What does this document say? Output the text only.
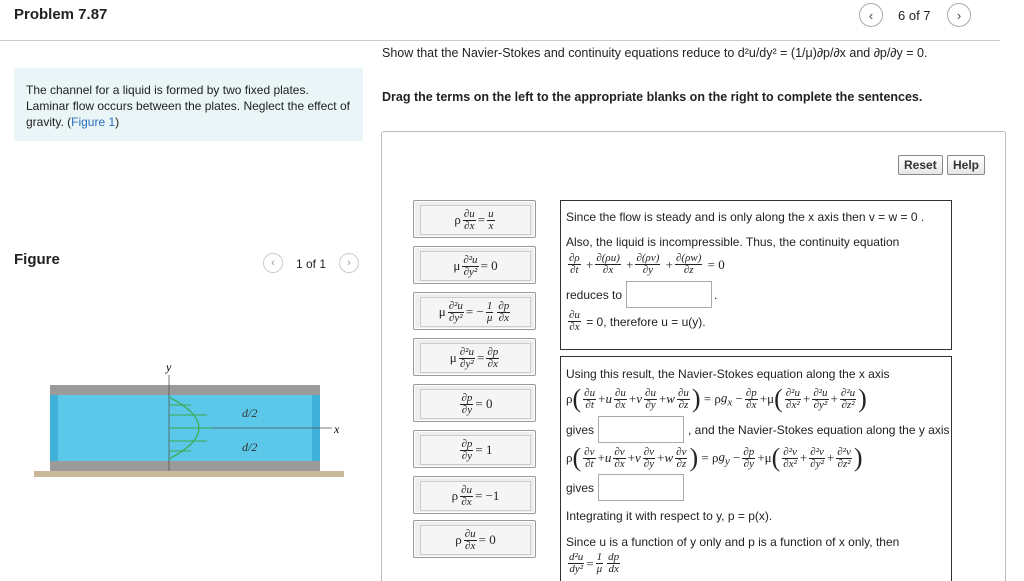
Problem 7.87	‹ 6 of 7 ›
The channel for a liquid is formed by two fixed plates. Laminar flow occurs between the plates. Neglect the effect of gravity. (Figure 1)
Figure	‹ 1 of 1 ›
y
x
d/2
d/2
Show that the Navier-Stokes and continuity equations reduce to d²u/dy² = (1/μ)∂p/∂x and ∂p/∂y = 0.
Drag the terms on the left to the appropriate blanks on the right to complete the sentences.
Reset	Help
ρ $\frac{\partial u}{\partial x} = \frac{u}{x}$
μ $\frac{\text{∂²u}}{\text{∂y²}} = 0$
μ $\frac{\text{∂²u}}{\text{∂y²}}$ = − $\frac{1}{\mu} \frac{\partial p}{\partial x}$
μ $\frac{\text{∂²u}}{\text{∂y²}} = \frac{\partial p}{\partial x}$
$\frac{\partial p}{\partial y} = 0$
$\frac{\partial p}{\partial y} = 1$
ρ $\frac{\partial u}{\partial x} = -1$
ρ $\frac{\partial u}{\partial x} = 0$
Since the flow is steady and is only along the x axis then v = w = 0 .
Also, the liquid is incompressible. Thus, the continuity equation
$\frac{\partial\rho}{\partial t} + \frac{\partial(\rho u)}{\partial x} + \frac{\partial(\rho v)}{\partial y} + \frac{\partial(\rho w)}{\partial z} = 0$
reduces to	.
$\frac{\partial u}{\partial x}$
= 0, therefore u = u(y).
Using this result, the Navier-Stokes equation along the x axis
ρ ( $\frac{\partial u}{\partial t} + u \frac{\partial u}{\partial x} + v \frac{\partial u}{\partial y} + w \frac{\partial u}{\partial z}$ ) = ρ $g_x - \frac{\partial p}{\partial x} +\mu$ ( $\frac{\text{∂²u}}{\text{∂x²}} + \frac{\text{∂²u}}{\text{∂y²}} + \frac{\text{∂²u}}{\text{∂z²}}$ )
gives	, and the Navier-Stokes equation along the y axis
ρ ( $\frac{\partial v}{\partial t} + u \frac{\partial v}{\partial x} + v \frac{\partial v}{\partial y} + w \frac{\partial v}{\partial z}$ ) = ρ $g_y - \frac{\partial p}{\partial y} +\mu$ ( $\frac{\text{∂²v}}{\text{∂x²}} + \frac{\text{∂²v}}{\text{∂y²}} + \frac{\text{∂²v}}{\text{∂z²}}$ )
gives
Integrating it with respect to y, p = p(x).
Since u is a function of y only and p is a function of x only, then
$\frac{\text{d²u}}{\text{dy²}} = \frac{1}{\mu} \frac{dp}{dx}$
